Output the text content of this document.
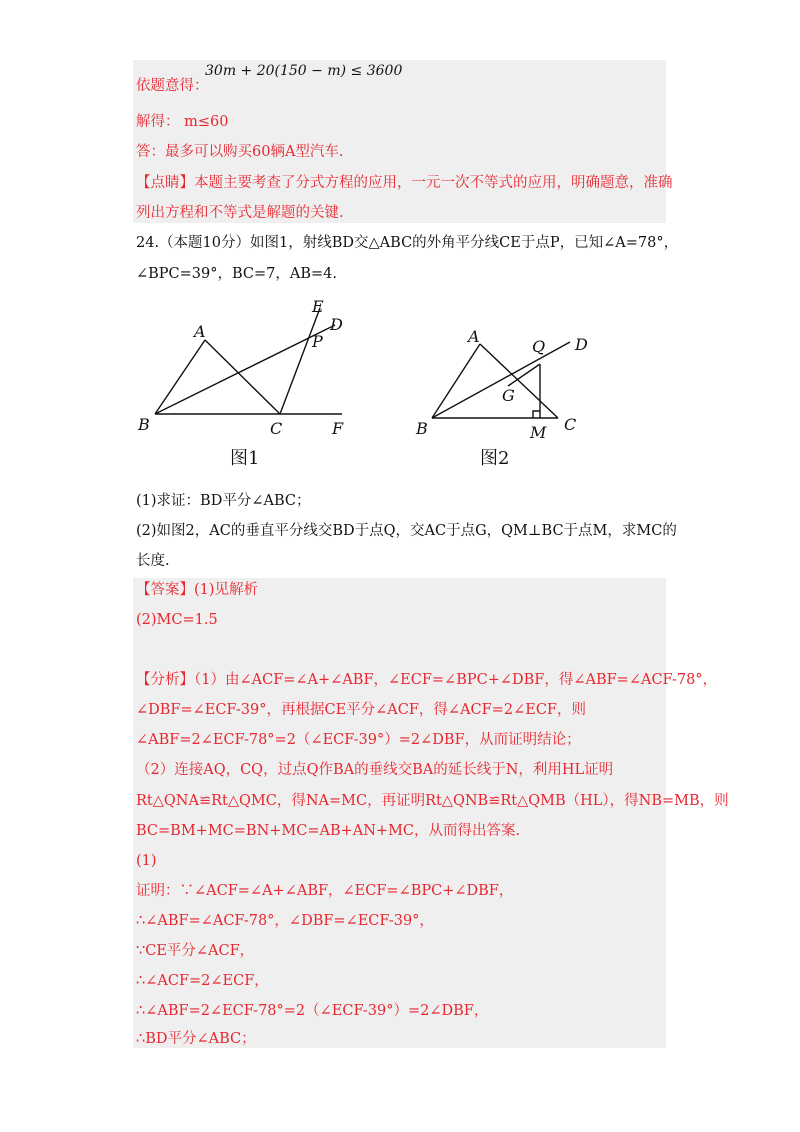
依题意得：
30m + 20(150 − m) ≤ 3600
解得： m≤60
答：最多可以购买60辆A型汽车.
【点睛】本题主要考查了分式方程的应用，一元一次不等式的应用，明确题意，准确
列出方程和不等式是解题的关键.
24.（本题10分）如图1，射线BD交△ABC的外角平分线CE于点P，已知∠A=78°，
∠BPC=39°，BC=7，AB=4.
A
B	C	F
E
D
P
图1
A
Q D
G
B	M C
图2
(1)求证：BD平分∠ABC；
(2)如图2，AC的垂直平分线交BD于点Q，交AC于点G，QM⊥BC于点M，求MC的
长度.
【答案】(1)见解析
(2)MC=1.5
【分析】（1）由∠ACF=∠A+∠ABF，∠ECF=∠BPC+∠DBF，得∠ABF=∠ACF-78°，
∠DBF=∠ECF-39°，再根据CE平分∠ACF，得∠ACF=2∠ECF，则
∠ABF=2∠ECF-78°=2（∠ECF-39°）=2∠DBF，从而证明结论；
（2）连接AQ，CQ，过点Q作BA的垂线交BA的延长线于N，利用HL证明
Rt△QNA≌Rt△QMC，得NA=MC，再证明Rt△QNB≌Rt△QMB（HL），得NB=MB，则
BC=BM+MC=BN+MC=AB+AN+MC，从而得出答案.
(1)
证明：∵∠ACF=∠A+∠ABF，∠ECF=∠BPC+∠DBF，
∴∠ABF=∠ACF-78°，∠DBF=∠ECF-39°，
∵CE平分∠ACF，
∴∠ACF=2∠ECF，
∴∠ABF=2∠ECF-78°=2（∠ECF-39°）=2∠DBF，
∴BD平分∠ABC；
